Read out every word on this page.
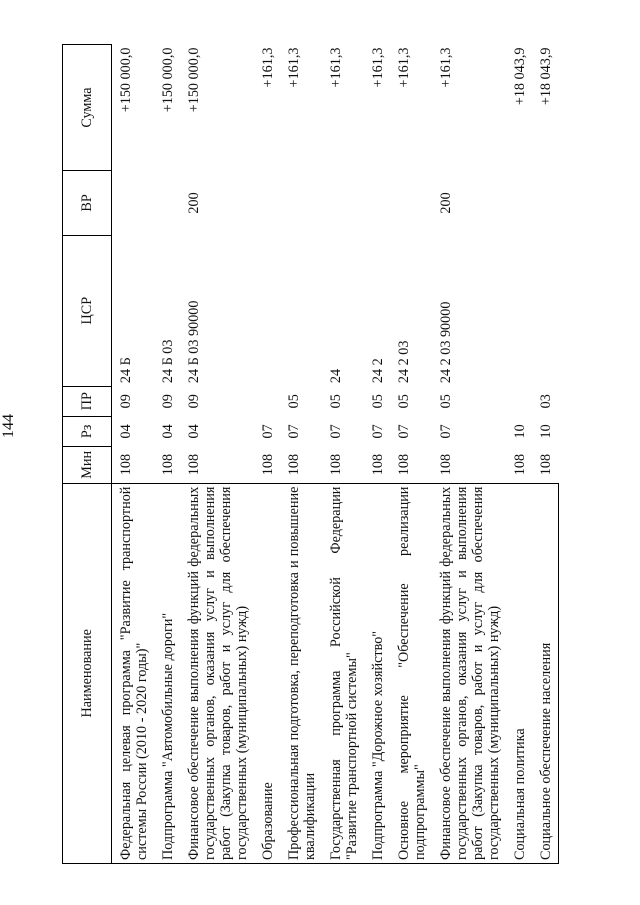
144
Наименование	Мин	Рз	ПР	ЦСР	ВР	Сумма
Федеральная целевая программа "Развитие транспортной системы России (2010 - 2020 годы)"	108	04	09	24 Б		+150 000,0
Подпрограмма "Автомобильные дороги"	108	04	09	24 Б 03		+150 000,0
Финансовое обеспечение выполнения функций федеральных государственных органов, оказания услуг и выполнения работ (Закупка товаров, работ и услуг для обеспечения государственных (муниципальных) нужд)	108	04	09	24 Б 03 90000	200	+150 000,0
Образование	108	07				+161,3
Профессиональная подготовка, переподготовка и повышение квалификации	108	07	05			+161,3
Государственная программа Российской Федерации "Развитие транспортной системы"	108	07	05	24		+161,3
Подпрограмма "Дорожное хозяйство"	108	07	05	24 2		+161,3
Основное мероприятие "Обеспечение реализации подпрограммы"	108	07	05	24 2 03		+161,3
Финансовое обеспечение выполнения функций федеральных государственных органов, оказания услуг и выполнения работ (Закупка товаров, работ и услуг для обеспечения государственных (муниципальных) нужд)	108	07	05	24 2 03 90000	200	+161,3
Социальная политика	108	10				+18 043,9
Социальное обеспечение населения	108	10	03			+18 043,9
